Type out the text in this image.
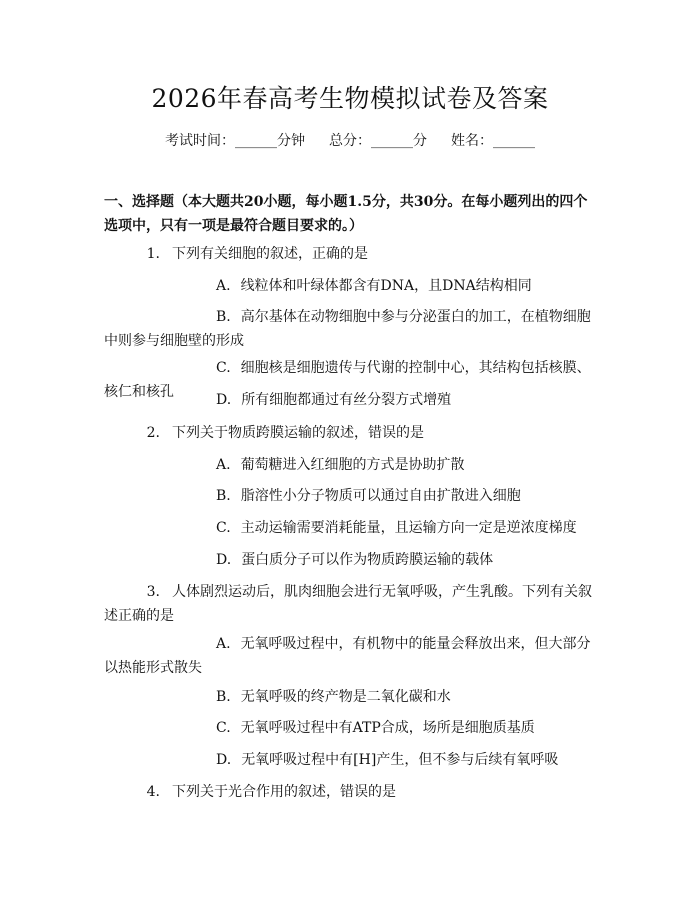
2026年春高考生物模拟试卷及答案
考试时间：______分钟 总分：______分 姓名：______
一、选择题（本大题共20小题，每小题1.5分，共30分。在每小题列出的四个选项中，只有一项是最符合题目要求的。）
1. 下列有关细胞的叙述，正确的是
A. 线粒体和叶绿体都含有DNA，且DNA结构相同
B. 高尔基体在动物细胞中参与分泌蛋白的加工，在植物细胞中则参与细胞壁的形成
C. 细胞核是细胞遗传与代谢的控制中心，其结构包括核膜、核仁和核孔	D. 所有细胞都通过有丝分裂方式增殖
2. 下列关于物质跨膜运输的叙述，错误的是
A. 葡萄糖进入红细胞的方式是协助扩散
B. 脂溶性小分子物质可以通过自由扩散进入细胞
C. 主动运输需要消耗能量，且运输方向一定是逆浓度梯度
D. 蛋白质分子可以作为物质跨膜运输的载体
3. 人体剧烈运动后，肌肉细胞会进行无氧呼吸，产生乳酸。下列有关叙述正确的是
A. 无氧呼吸过程中，有机物中的能量会释放出来，但大部分以热能形式散失
B. 无氧呼吸的终产物是二氧化碳和水
C. 无氧呼吸过程中有ATP合成，场所是细胞质基质
D. 无氧呼吸过程中有[H]产生，但不参与后续有氧呼吸
4. 下列关于光合作用的叙述，错误的是
